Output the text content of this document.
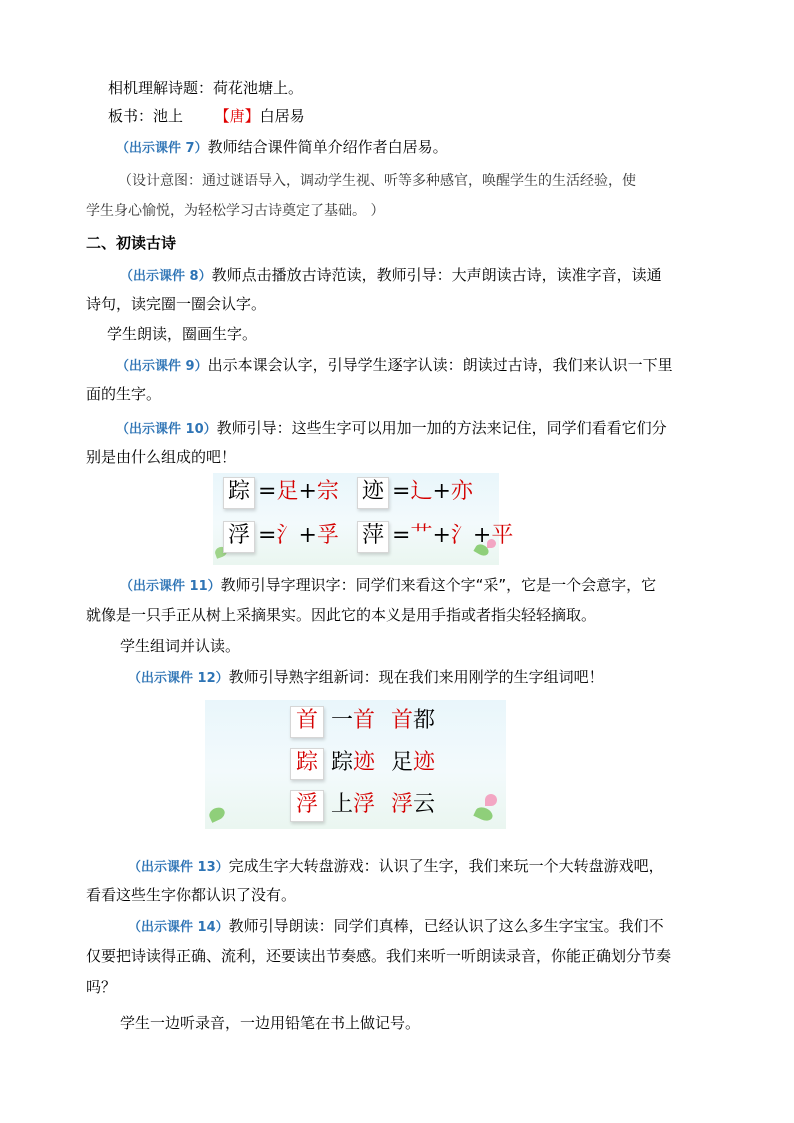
相机理解诗题：荷花池塘上。
板书：池上 【唐】白居易
（出示课件 7）教师结合课件简单介绍作者白居易。
（设计意图：通过谜语导入，调动学生视、听等多种感官，唤醒学生的生活经验，使
学生身心愉悦，为轻松学习古诗奠定了基础。 ）
二、初读古诗
（出示课件 8）教师点击播放古诗范读，教师引导：大声朗读古诗，读准字音，读通
诗句，读完圈一圈会认字。
学生朗读，圈画生字。
（出示课件 9）出示本课会认字，引导学生逐字认读：朗读过古诗，我们来认识一下里
面的生字。
（出示课件 10）教师引导：这些生字可以用加一加的方法来记住，同学们看看它们分
别是由什么组成的吧！
踪 =足+宗 迹 =辶+亦
浮 =氵+孚 萍 =艹+氵+平
（出示课件 11）教师引导字理识字：同学们来看这个字“采”，它是一个会意字，它
就像是一只手正从树上采摘果实。因此它的本义是用手指或者指尖轻轻摘取。
学生组词并认读。
（出示课件 12）教师引导熟字组新词：现在我们来用刚学的生字组词吧！
首 一首 首都
踪 踪迹 足迹
浮 上浮 浮云
（出示课件 13）完成生字大转盘游戏：认识了生字，我们来玩一个大转盘游戏吧，
看看这些生字你都认识了没有。
（出示课件 14）教师引导朗读：同学们真棒，已经认识了这么多生字宝宝。我们不
仅要把诗读得正确、流利，还要读出节奏感。我们来听一听朗读录音，你能正确划分节奏
吗？
学生一边听录音，一边用铅笔在书上做记号。
